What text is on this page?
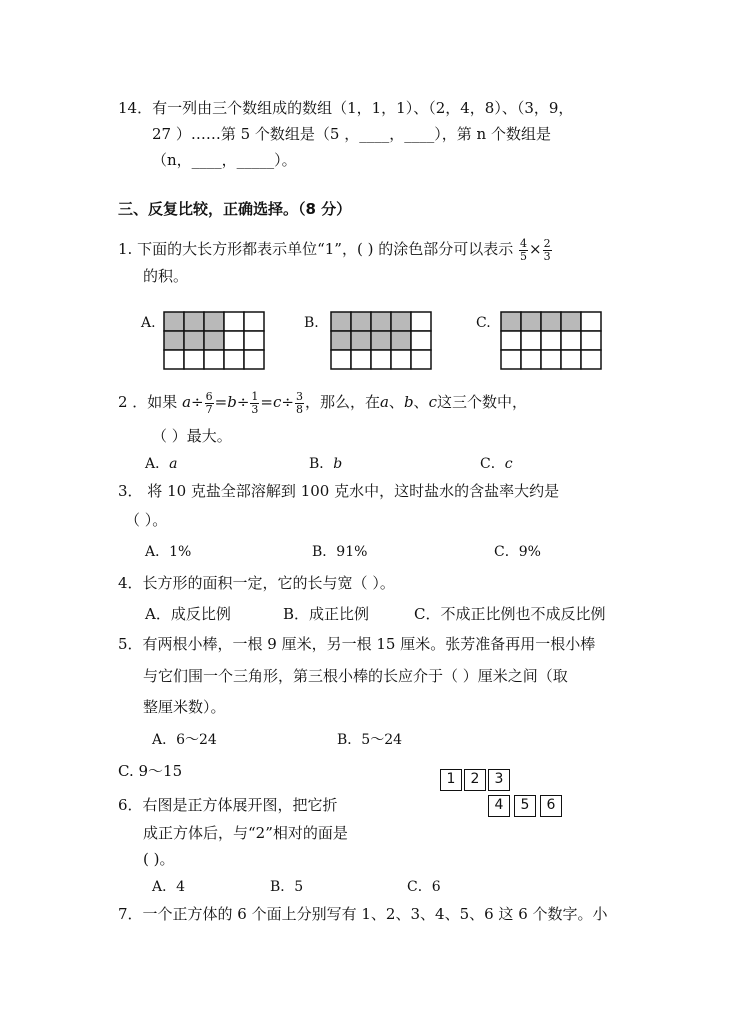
14．有一列由三个数组成的数组（1，1，1）、（2，4，8）、（3，9，
27 ）……第 5 个数组是（5 ，____，____），第 n 个数组是
（n，____，_____）。
三、反复比较，正确选择。（8 分）
1. 下面的大长方形都表示单位“1”，( ) 的涂色部分可以表示 $\frac{4}{5} \times \frac{2}{3}$
的积。
A.	B.	C.
2 ．如果 $a\div \frac{6}{7} =b\div \frac{1}{3} =c\div \frac{3}{8}$ ，那么，在a、b、c这三个数中，
（ ）最大。
A．a	B．b	C．c
3． 将 10 克盐全部溶解到 100 克水中，这时盐水的含盐率大约是
（ ）。
A．1%	B．91%	C．9%
4．长方形的面积一定，它的长与宽（ ）。
A．成反比例	B．成正比例	C．不成正比例也不成反比例
5．有两根小棒，一根 9 厘米，另一根 15 厘米。张芳准备再用一根小棒
与它们围一个三角形，第三根小棒的长应介于（ ）厘米之间（取
整厘米数）。
A．6～24	B．5～24
C. 9～15	1	2	3
4	5	6
6．右图是正方体展开图，把它折
成正方体后，与“2”相对的面是
( )。
A．4	B．5	C．6
7．一个正方体的 6 个面上分别写有 1、2、3、4、5、6 这 6 个数字。小
